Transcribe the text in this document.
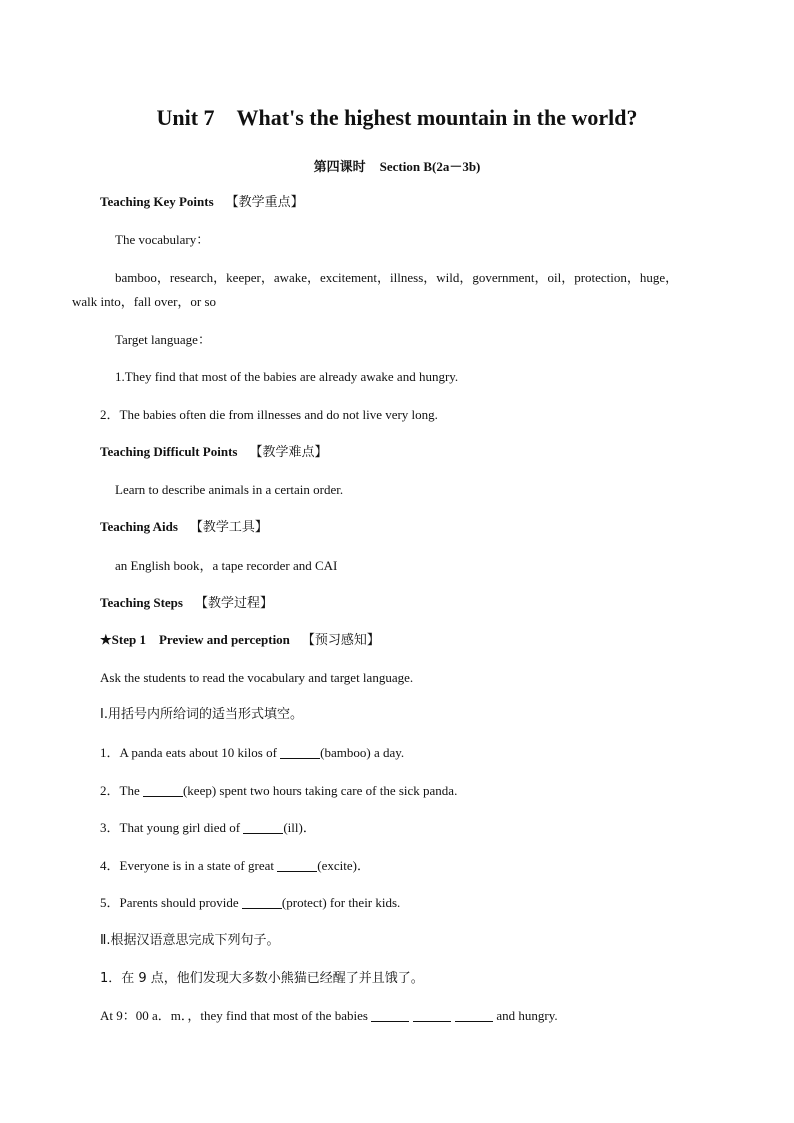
Unit 7 What's the highest mountain in the world?
第四课时 Section B(2a－3b)
Teaching Key Points 【教学重点】
The vocabulary：
bamboo，research，keeper，awake，excitement，illness，wild，government，oil，protection，huge，
walk into，fall over，or so
Target language：
1.They find that most of the babies are already awake and hungry.
2．The babies often die from illnesses and do not live very long.
Teaching Difficult Points 【教学难点】
Learn to describe animals in a certain order.
Teaching Aids 【教学工具】
an English book，a tape recorder and CAI
Teaching Steps 【教学过程】
★Step 1　Preview and perception 【预习感知】
Ask the students to read the vocabulary and target language.
Ⅰ.用括号内所给词的适当形式填空。
1．A panda eats about 10 kilos of	(bamboo) a day.
2．The	(keep) spent two hours taking care of the sick panda.
3．That young girl died of	(ill)．
4．Everyone is in a state of great	(excite)．
5．Parents should provide	(protect) for their kids.
Ⅱ.根据汉语意思完成下列句子。
1．在 9 点，他们发现大多数小熊猫已经醒了并且饿了。
At 9：00 a．m．，they find that most of the babies	and hungry.
